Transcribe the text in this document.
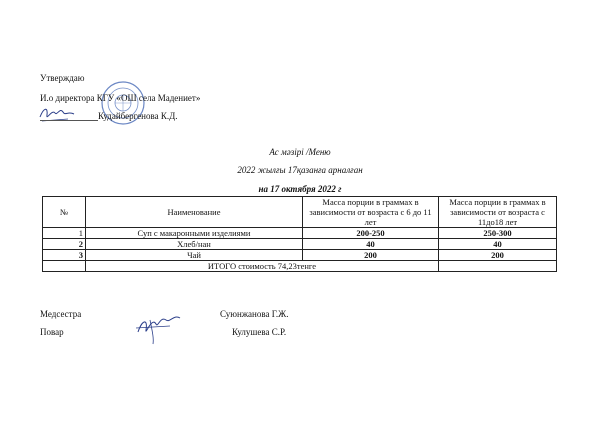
Утверждаю
И.о директора КГУ «ОШ села Мадениет»
Кудайбергенова К.Д.
Ас мәзірі /Меню
2022 жылғы 17қазанға арналған
на 17 октября 2022 г
№	Наименование	Масса порции в граммах в зависимости от возраста с 6 до 11 лет	Масса порции в граммах в зависимости от возраста с 11до18 лет
1	Суп с макаронными изделиями	200-250	250-300
2	Хлеб/нан	40	40
3	Чай	200	200
	ИТОГО стоимость 74,23тенге		
Медсестра	Суюнжанова Г.Ж.
Повар	Кулушева С.Р.
